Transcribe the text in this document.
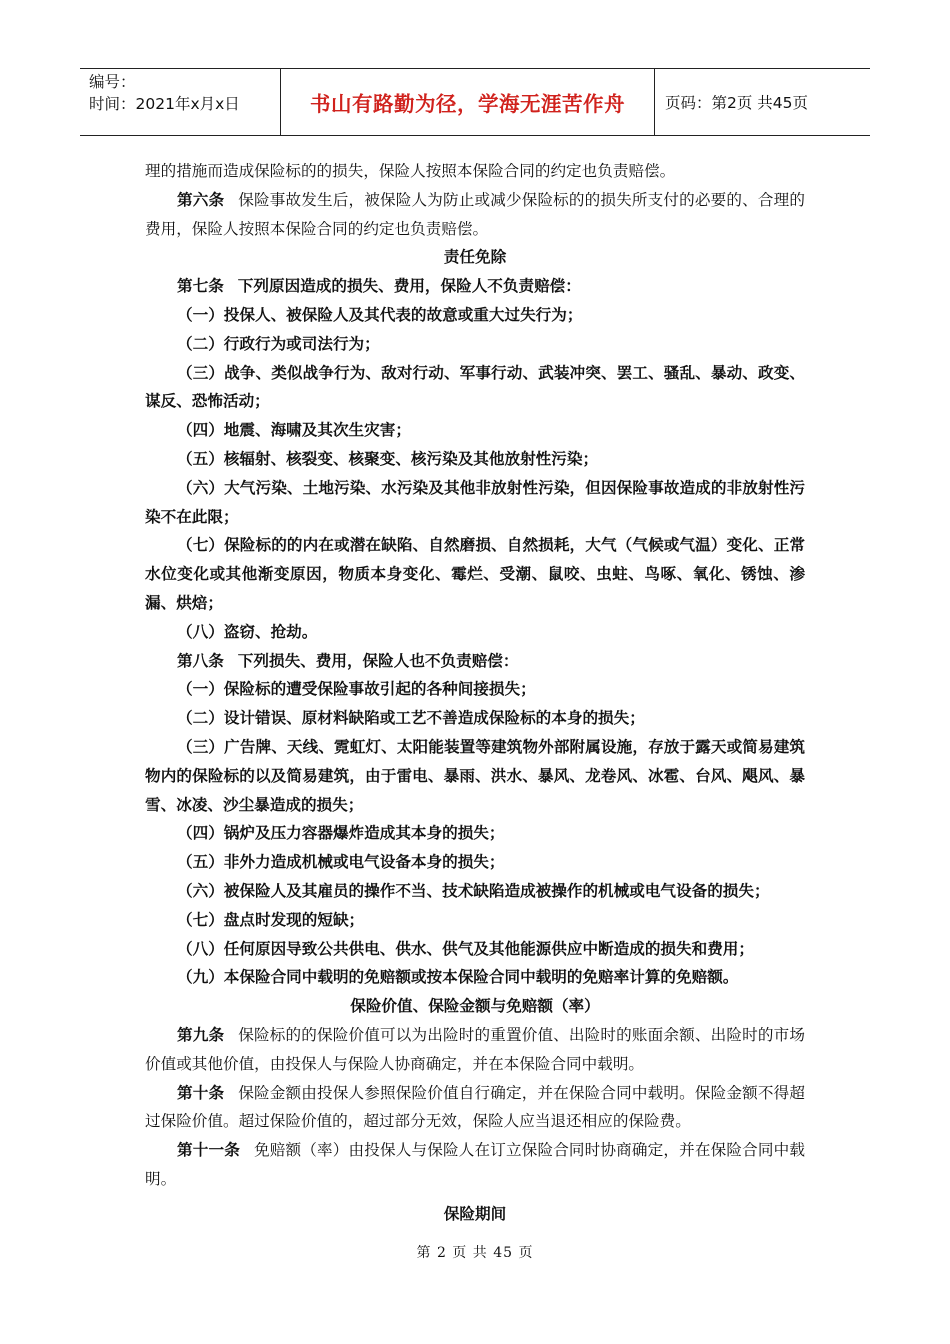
编号：
时间：2021年x月x日	书山有路勤为径，学海无涯苦作舟	页码：第2页 共45页

理的措施而造成保险标的的损失，保险人按照本保险合同的约定也负责赔偿。

第六条 保险事故发生后，被保险人为防止或减少保险标的的损失所支付的必要的、合理的费用，保险人按照本保险合同的约定也负责赔偿。

责任免除

第七条 下列原因造成的损失、费用，保险人不负责赔偿：

（一）投保人、被保险人及其代表的故意或重大过失行为；

（二）行政行为或司法行为；

（三）战争、类似战争行为、敌对行动、军事行动、武装冲突、罢工、骚乱、暴动、政变、谋反、恐怖活动；

（四）地震、海啸及其次生灾害；

（五）核辐射、核裂变、核聚变、核污染及其他放射性污染；

（六）大气污染、土地污染、水污染及其他非放射性污染，但因保险事故造成的非放射性污染不在此限；

（七）保险标的的内在或潜在缺陷、自然磨损、自然损耗，大气（气候或气温）变化、正常水位变化或其他渐变原因，物质本身变化、霉烂、受潮、鼠咬、虫蛀、鸟啄、氧化、锈蚀、渗漏、烘焙；

（八）盗窃、抢劫。

第八条 下列损失、费用，保险人也不负责赔偿：

（一）保险标的遭受保险事故引起的各种间接损失；

（二）设计错误、原材料缺陷或工艺不善造成保险标的本身的损失；

（三）广告牌、天线、霓虹灯、太阳能装置等建筑物外部附属设施，存放于露天或简易建筑物内的保险标的以及简易建筑，由于雷电、暴雨、洪水、暴风、龙卷风、冰雹、台风、飓风、暴雪、冰凌、沙尘暴造成的损失；

（四）锅炉及压力容器爆炸造成其本身的损失；

（五）非外力造成机械或电气设备本身的损失；

（六）被保险人及其雇员的操作不当、技术缺陷造成被操作的机械或电气设备的损失；

（七）盘点时发现的短缺；

（八）任何原因导致公共供电、供水、供气及其他能源供应中断造成的损失和费用；

（九）本保险合同中载明的免赔额或按本保险合同中载明的免赔率计算的免赔额。

保险价值、保险金额与免赔额（率）

第九条 保险标的的保险价值可以为出险时的重置价值、出险时的账面余额、出险时的市场价值或其他价值，由投保人与保险人协商确定，并在本保险合同中载明。

第十条 保险金额由投保人参照保险价值自行确定，并在保险合同中载明。保险金额不得超过保险价值。超过保险价值的，超过部分无效，保险人应当退还相应的保险费。

第十一条 免赔额（率）由投保人与保险人在订立保险合同时协商确定，并在保险合同中载明。

保险期间

第 2 页 共 45 页
